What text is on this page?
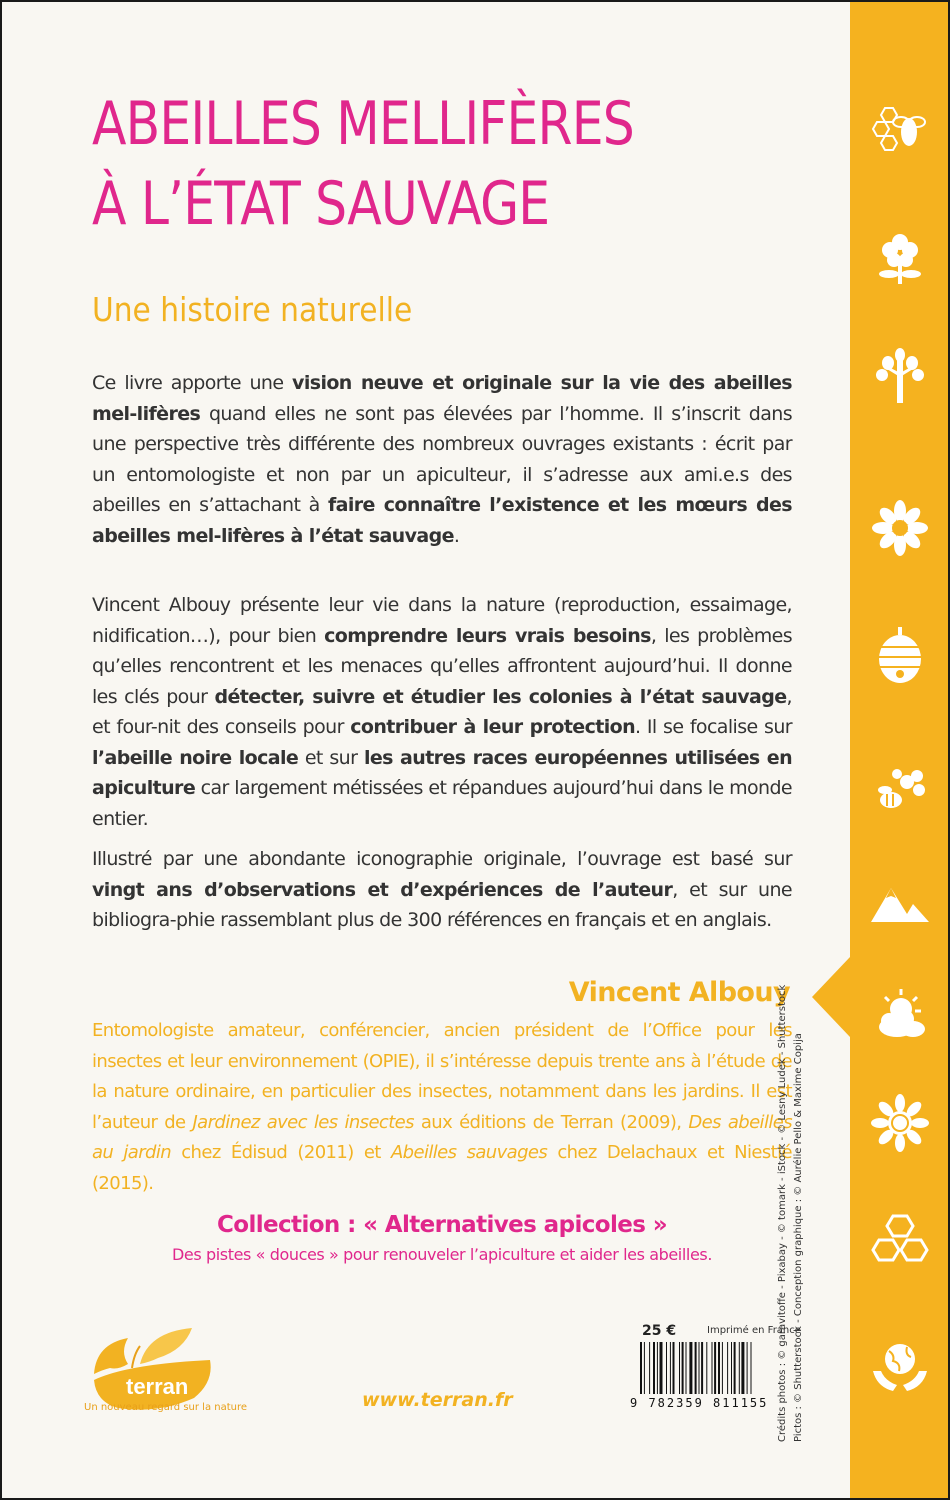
ABEILLES MELLIFÈRES
À L’ÉTAT SAUVAGE
Une histoire naturelle
Ce livre apporte une vision neuve et originale sur la vie des abeilles mel-lifères quand elles ne sont pas élevées par l’homme. Il s’inscrit dans une perspective très différente des nombreux ouvrages existants : écrit par un entomologiste et non par un apiculteur, il s’adresse aux ami.e.s des abeilles en s’attachant à faire connaître l’existence et les mœurs des abeilles mel-lifères à l’état sauvage.
Vincent Albouy présente leur vie dans la nature (reproduction, essaimage, nidification…), pour bien comprendre leurs vrais besoins, les problèmes qu’elles rencontrent et les menaces qu’elles affrontent aujourd’hui. Il donne les clés pour détecter, suivre et étudier les colonies à l’état sauvage, et four-nit des conseils pour contribuer à leur protection. Il se focalise sur l’abeille noire locale et sur les autres races européennes utilisées en apiculture car largement métissées et répandues aujourd’hui dans le monde entier.
Illustré par une abondante iconographie originale, l’ouvrage est basé sur vingt ans d’observations et d’expériences de l’auteur, et sur une bibliogra-phie rassemblant plus de 300 références en français et en anglais.
Vincent Albouy
Entomologiste amateur, conférencier, ancien président de l’Office pour les insectes et leur environnement (OPIE), il s’intéresse depuis trente ans à l’étude de la nature ordinaire, en particulier des insectes, notamment dans les jardins. Il est l’auteur de Jardinez avec les insectes aux éditions de Terran (2009), Des abeilles au jardin chez Édisud (2011) et Abeilles sauvages chez Delachaux et Niestlé (2015).
Collection : « Alternatives apicoles »
Des pistes « douces » pour renouveler l’apiculture et aider les abeilles.
terran
Un nouveau regard sur la nature	www.terran.fr
25 €	Imprimé en France
9 782359 811155 Crédits photos : © garavitoffe - Pixabay - © tomark - iStock - © Lesny Ludek - Shutterstock Pictos : © Shutterstock - Conception graphique : © Aurélie Pello & Maxime Copija
